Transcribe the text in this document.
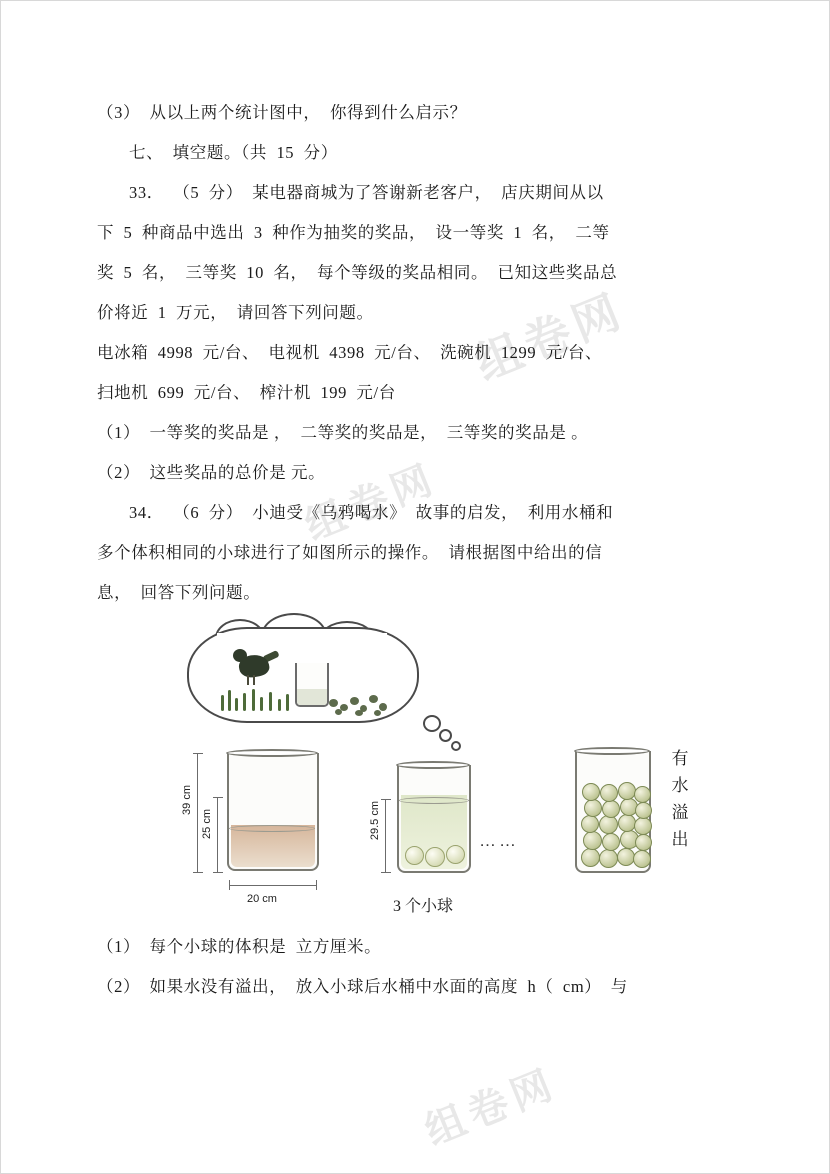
组卷网
组卷网
组卷网
（3）  从以上两个统计图中，  你得到什么启示？
七、  填空题。（共  15  分）
33．  （5  分）  某电器商城为了答谢新老客户，  店庆期间从以
下  5  种商品中选出  3  种作为抽奖的奖品，  设一等奖  1  名，  二等
奖  5  名，  三等奖  10  名，  每个等级的奖品相同。  已知这些奖品总
价将近  1  万元，  请回答下列问题。
电冰箱  4998  元/台、  电视机  4398  元/台、  洗碗机  1299  元/台、
扫地机  699  元/台、  榨汁机  199  元/台
（1）  一等奖的奖品是 ，  二等奖的奖品是，  三等奖的奖品是 。
（2）  这些奖品的总价是 元。
34．  （6  分）  小迪受《乌鸦喝水》  故事的启发，  利用水桶和
多个体积相同的小球进行了如图所示的操作。  请根据图中给出的信
息，  回答下列问题。
39 cm
25 cm
20 cm
29.5 cm
3 个小球
……
有水溢出
（1）  每个小球的体积是  立方厘米。
（2）  如果水没有溢出，  放入小球后水桶中水面的高度  h（  cm）  与
